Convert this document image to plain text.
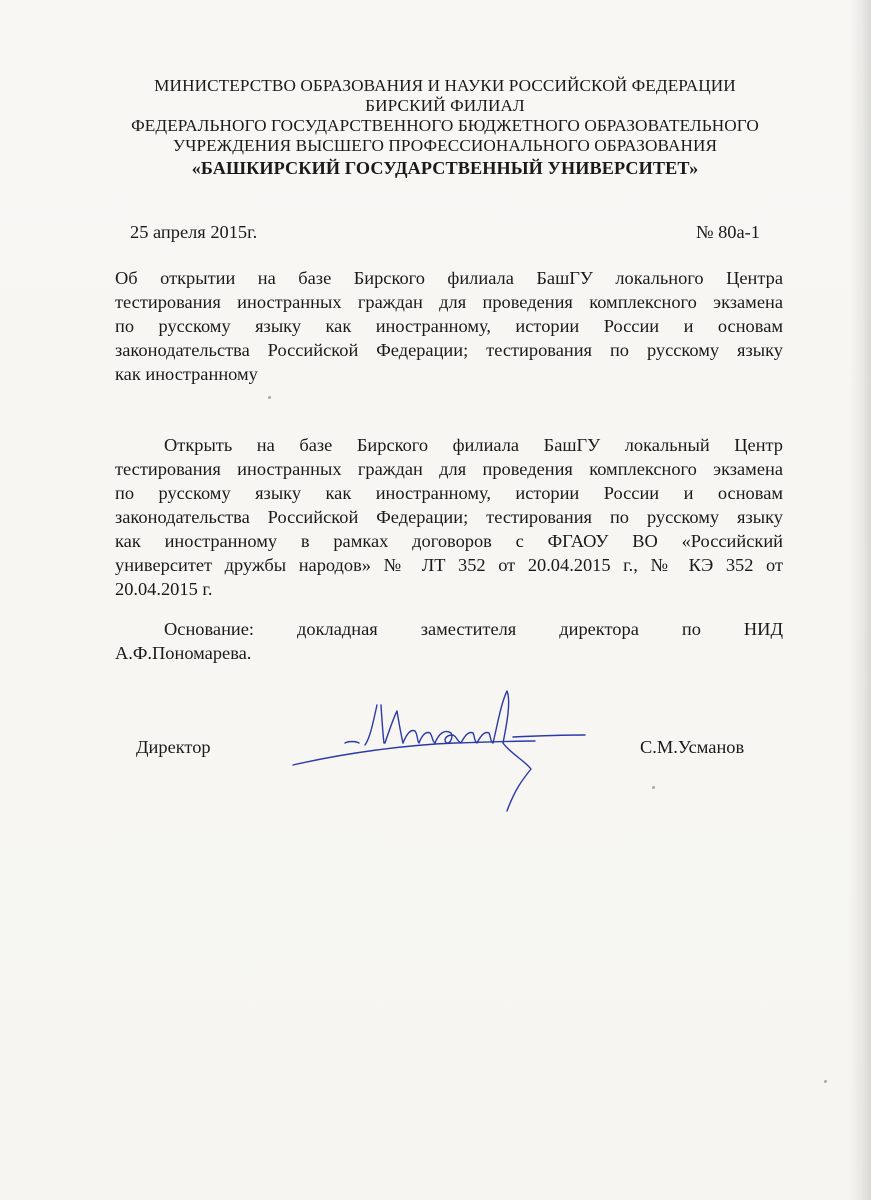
МИНИСТЕРСТВО ОБРАЗОВАНИЯ И НАУКИ РОССИЙСКОЙ ФЕДЕРАЦИИ
БИРСКИЙ ФИЛИАЛ
ФЕДЕРАЛЬНОГО ГОСУДАРСТВЕННОГО БЮДЖЕТНОГО ОБРАЗОВАТЕЛЬНОГО
УЧРЕЖДЕНИЯ ВЫСШЕГО ПРОФЕССИОНАЛЬНОГО ОБРАЗОВАНИЯ
«БАШКИРСКИЙ ГОСУДАРСТВЕННЫЙ УНИВЕРСИТЕТ»
25 апреля 2015г.	№ 80а-1
Об открытии на базе Бирского филиала БашГУ локального Центра
тестирования иностранных граждан для проведения комплексного экзамена
по русскому языку как иностранному, истории России и основам
законодательства Российской Федерации; тестирования по русскому языку
как иностранному
Открыть на базе Бирского филиала БашГУ локальный Центр
тестирования иностранных граждан для проведения комплексного экзамена
по русскому языку как иностранному, истории России и основам
законодательства Российской Федерации; тестирования по русскому языку
как иностранному в рамках договоров с ФГАОУ ВО «Российский
университет дружбы народов» № ЛТ 352 от 20.04.2015 г., № КЭ 352 от
20.04.2015 г.
Основание: докладная заместителя директора по НИД
А.Ф.Пономарева.
Директор	С.М.Усманов
